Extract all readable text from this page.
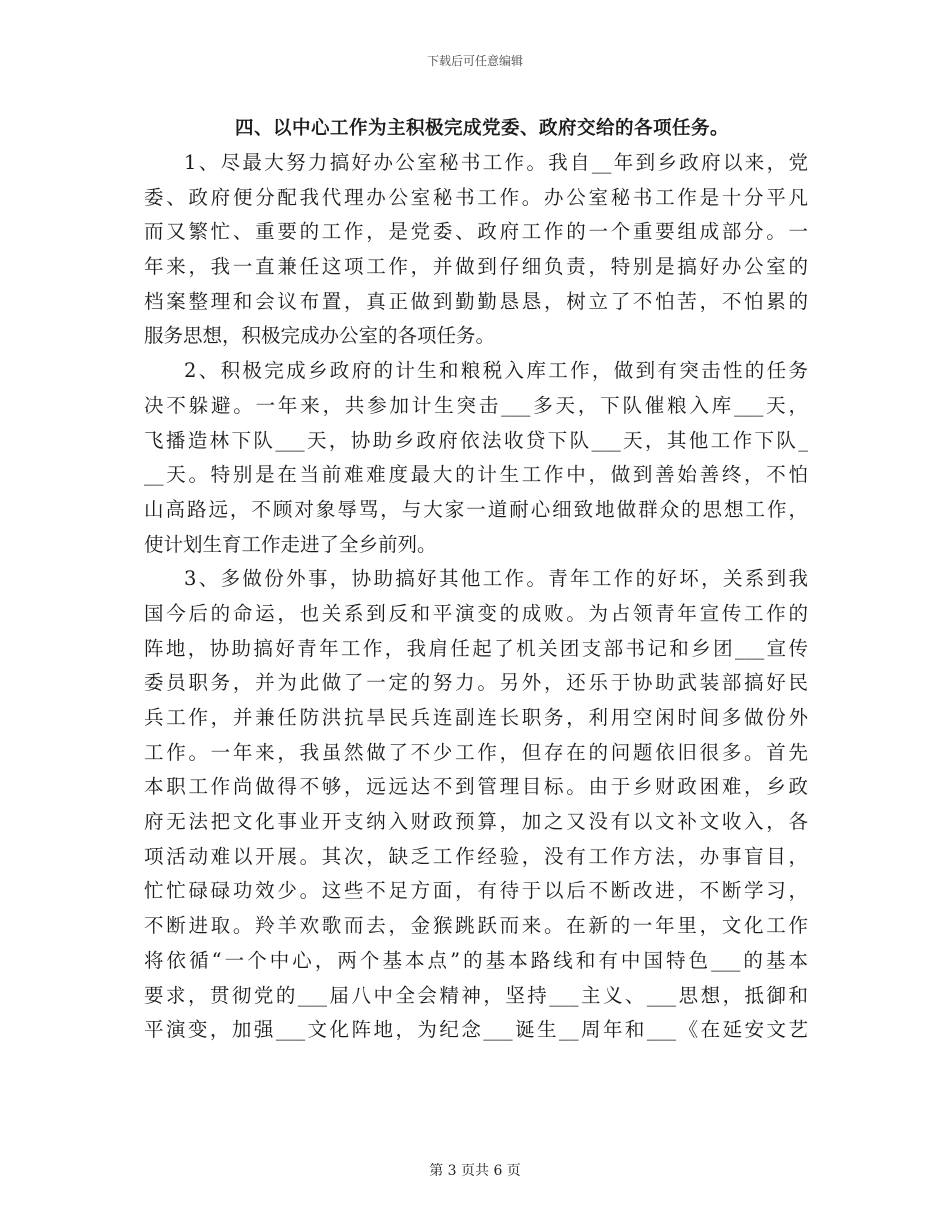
下载后可任意编辑
四、以中心工作为主积极完成党委、政府交给的各项任务。
1、尽最大努力搞好办公室秘书工作。我自__年到乡政府以来，党
委、政府便分配我代理办公室秘书工作。办公室秘书工作是十分平凡
而又繁忙、重要的工作，是党委、政府工作的一个重要组成部分。一
年来，我一直兼任这项工作，并做到仔细负责，特别是搞好办公室的
档案整理和会议布置，真正做到勤勤恳恳，树立了不怕苦，不怕累的
服务思想，积极完成办公室的各项任务。
2、积极完成乡政府的计生和粮税入库工作，做到有突击性的任务
决不躲避。一年来，共参加计生突击___多天，下队催粮入库___天，
飞播造林下队___天，协助乡政府依法收贷下队___天，其他工作下队_
__天。特别是在当前难难度最大的计生工作中，做到善始善终，不怕
山高路远，不顾对象辱骂，与大家一道耐心细致地做群众的思想工作，
使计划生育工作走进了全乡前列。
3、多做份外事，协助搞好其他工作。青年工作的好坏，关系到我
国今后的命运，也关系到反和平演变的成败。为占领青年宣传工作的
阵地，协助搞好青年工作，我肩任起了机关团支部书记和乡团___宣传
委员职务，并为此做了一定的努力。另外，还乐于协助武装部搞好民
兵工作，并兼任防洪抗旱民兵连副连长职务，利用空闲时间多做份外
工作。一年来，我虽然做了不少工作，但存在的问题依旧很多。首先
本职工作尚做得不够，远远达不到管理目标。由于乡财政困难，乡政
府无法把文化事业开支纳入财政预算，加之又没有以文补文收入，各
项活动难以开展。其次，缺乏工作经验，没有工作方法，办事盲目，
忙忙碌碌功效少。这些不足方面，有待于以后不断改进，不断学习，
不断进取。羚羊欢歌而去，金猴跳跃而来。在新的一年里，文化工作
将依循“一个中心，两个基本点”的基本路线和有中国特色___的基本
要求，贯彻党的___届八中全会精神，坚持___主义、___思想，抵御和
平演变，加强___文化阵地，为纪念___诞生__周年和___《在延安文艺
第 3 页共 6 页
